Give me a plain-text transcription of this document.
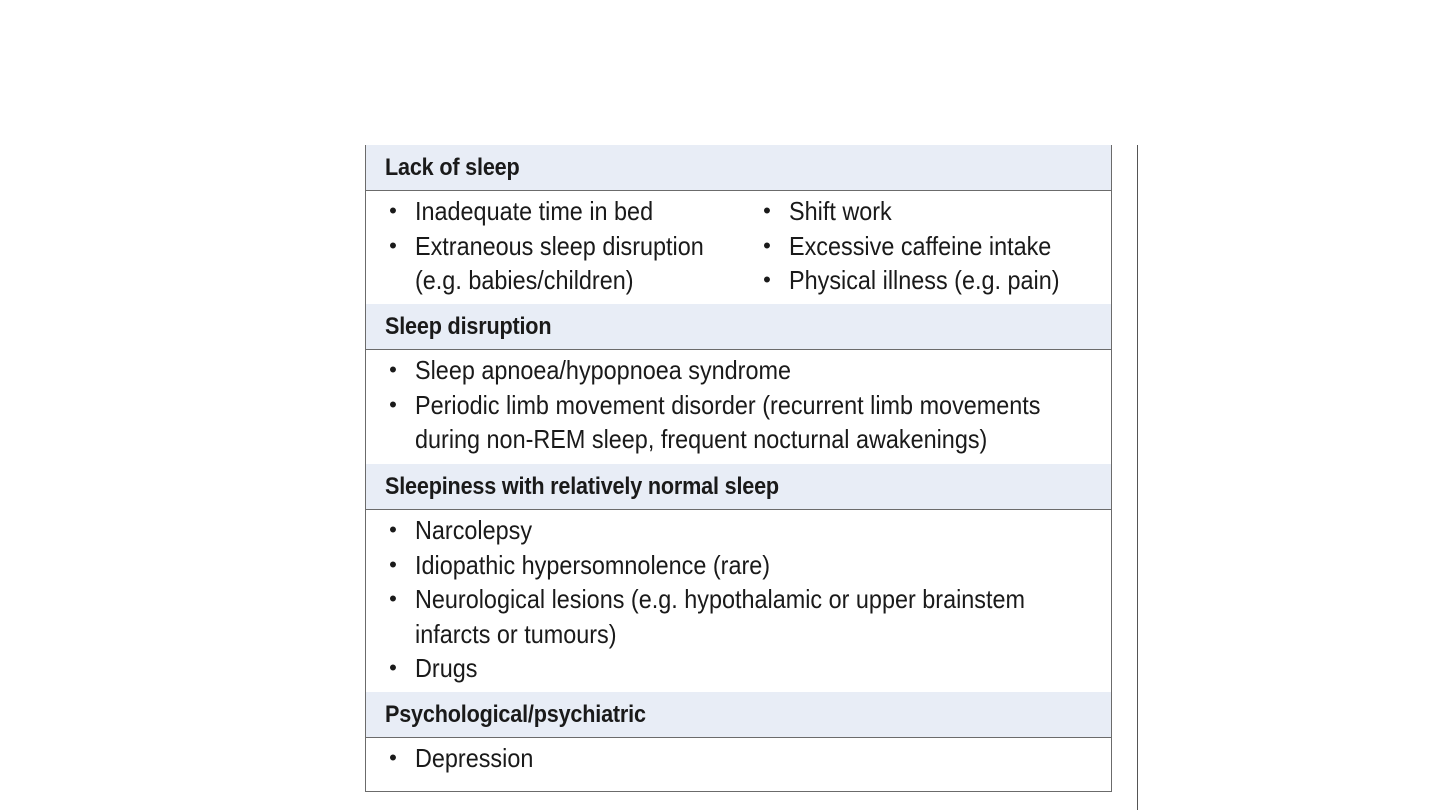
Lack of sleep
• Inadequate time in bed
• Extraneous sleep disruption
(e.g. babies/children)
• Shift work
• Excessive caffeine intake
• Physical illness (e.g. pain)
Sleep disruption
• Sleep apnoea/hypopnoea syndrome
• Periodic limb movement disorder (recurrent limb movements
during non-REM sleep, frequent nocturnal awakenings)
Sleepiness with relatively normal sleep
• Narcolepsy
• Idiopathic hypersomnolence (rare)
• Neurological lesions (e.g. hypothalamic or upper brainstem
infarcts or tumours)
• Drugs
Psychological/psychiatric
• Depression
